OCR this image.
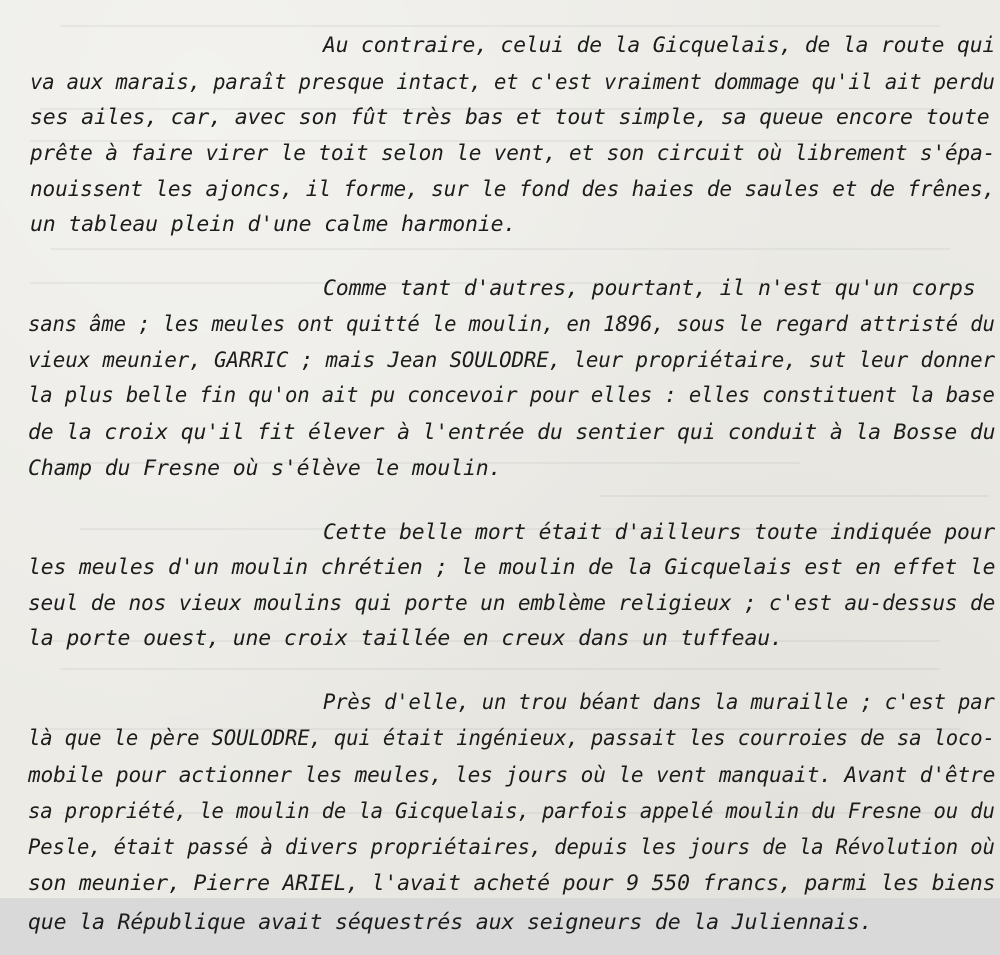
Au contraire, celui de la Gicquelais, de la route qui
va aux marais, paraît presque intact, et c'est vraiment dommage qu'il ait perdu
ses ailes, car, avec son fût très bas et tout simple, sa queue encore toute
prête à faire virer le toit selon le vent, et son circuit où librement s'épa-
nouissent les ajoncs, il forme, sur le fond des haies de saules et de frênes,
un tableau plein d'une calme harmonie.
Comme tant d'autres, pourtant, il n'est qu'un corps
sans âme ; les meules ont quitté le moulin, en 1896, sous le regard attristé du
vieux meunier, GARRIC ; mais Jean SOULODRE, leur propriétaire, sut leur donner
la plus belle fin qu'on ait pu concevoir pour elles : elles constituent la base
de la croix qu'il fit élever à l'entrée du sentier qui conduit à la Bosse du
Champ du Fresne où s'élève le moulin.
Cette belle mort était d'ailleurs toute indiquée pour
les meules d'un moulin chrétien ; le moulin de la Gicquelais est en effet le
seul de nos vieux moulins qui porte un emblème religieux ; c'est au-dessus de
la porte ouest, une croix taillée en creux dans un tuffeau.
Près d'elle, un trou béant dans la muraille ; c'est par
là que le père SOULODRE, qui était ingénieux, passait les courroies de sa loco-
mobile pour actionner les meules, les jours où le vent manquait. Avant d'être
sa propriété, le moulin de la Gicquelais, parfois appelé moulin du Fresne ou du
Pesle, était passé à divers propriétaires, depuis les jours de la Révolution où
son meunier, Pierre ARIEL, l'avait acheté pour 9 550 francs, parmi les biens
que la République avait séquestrés aux seigneurs de la Juliennais.
